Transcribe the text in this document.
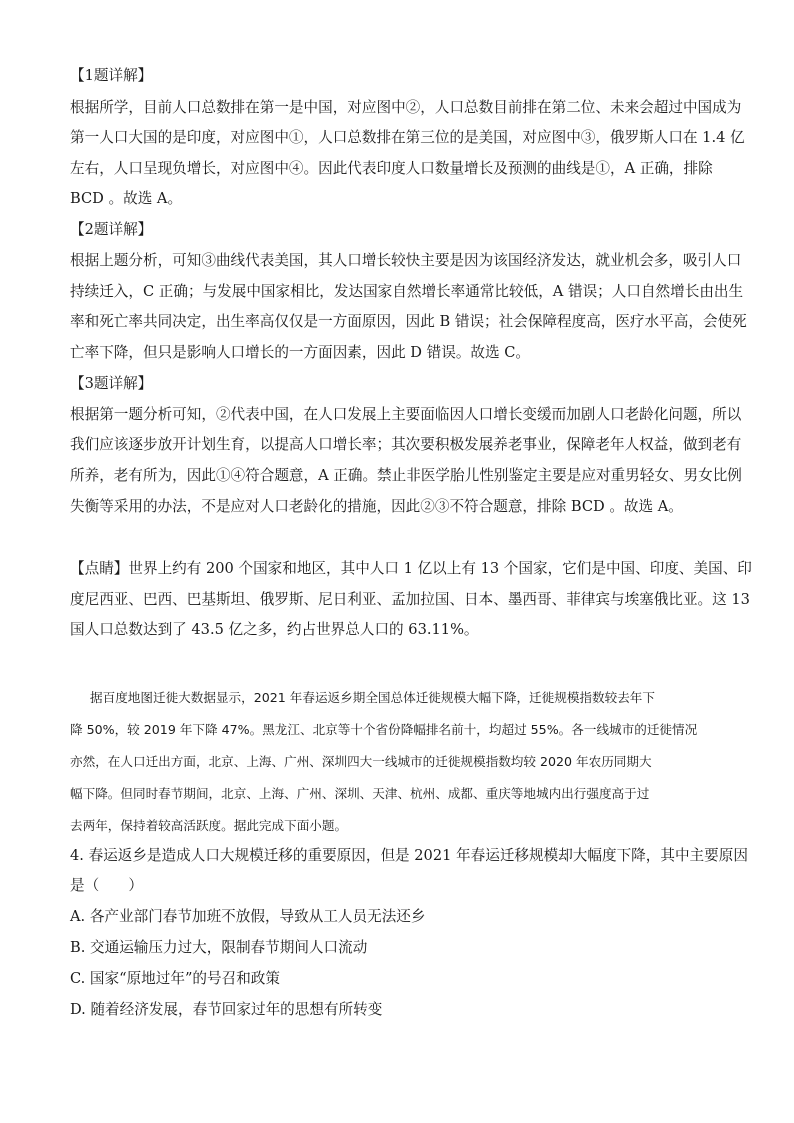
【1题详解】
根据所学，目前人口总数排在第一是中国，对应图中②，人口总数目前排在第二位、未来会超过中国成为
第一人口大国的是印度，对应图中①，人口总数排在第三位的是美国，对应图中③，俄罗斯人口在 1.4 亿
左右，人口呈现负增长，对应图中④。因此代表印度人口数量增长及预测的曲线是①，A 正确，排除
BCD 。故选 A。
【2题详解】
根据上题分析，可知③曲线代表美国，其人口增长较快主要是因为该国经济发达，就业机会多，吸引人口
持续迁入，C 正确；与发展中国家相比，发达国家自然增长率通常比较低，A 错误；人口自然增长由出生
率和死亡率共同决定，出生率高仅仅是一方面原因，因此 B 错误；社会保障程度高，医疗水平高，会使死
亡率下降，但只是影响人口增长的一方面因素，因此 D 错误。故选 C。
【3题详解】
根据第一题分析可知，②代表中国，在人口发展上主要面临因人口增长变缓而加剧人口老龄化问题，所以
我们应该逐步放开计划生育，以提高人口增长率；其次要积极发展养老事业，保障老年人权益，做到老有
所养，老有所为，因此①④符合题意，A 正确。禁止非医学胎儿性别鉴定主要是应对重男轻女、男女比例
失衡等采用的办法，不是应对人口老龄化的措施，因此②③不符合题意，排除 BCD 。故选 A。
【点睛】世界上约有 200 个国家和地区，其中人口 1 亿以上有 13 个国家，它们是中国、印度、美国、印
度尼西亚、巴西、巴基斯坦、俄罗斯、尼日利亚、孟加拉国、日本、墨西哥、菲律宾与埃塞俄比亚。这 13
国人口总数达到了 43.5 亿之多，约占世界总人口的 63.11%。
据百度地图迁徙大数据显示，2021 年春运返乡期全国总体迁徙规模大幅下降，迁徙规模指数较去年下
降 50%，较 2019 年下降 47%。黑龙江、北京等十个省份降幅排名前十，均超过 55%。各一线城市的迁徙情况
亦然，在人口迁出方面，北京、上海、广州、深圳四大一线城市的迁徙规模指数均较 2020 年农历同期大
幅下降。但同时春节期间，北京、上海、广州、深圳、天津、杭州、成都、重庆等地城内出行强度高于过
去两年，保持着较高活跃度。据此完成下面小题。
4. 春运返乡是造成人口大规模迁移的重要原因，但是 2021 年春运迁移规模却大幅度下降，其中主要原因
是（　　）
A. 各产业部门春节加班不放假，导致从工人员无法还乡
B. 交通运输压力过大，限制春节期间人口流动
C. 国家“原地过年”的号召和政策
D. 随着经济发展，春节回家过年的思想有所转变
